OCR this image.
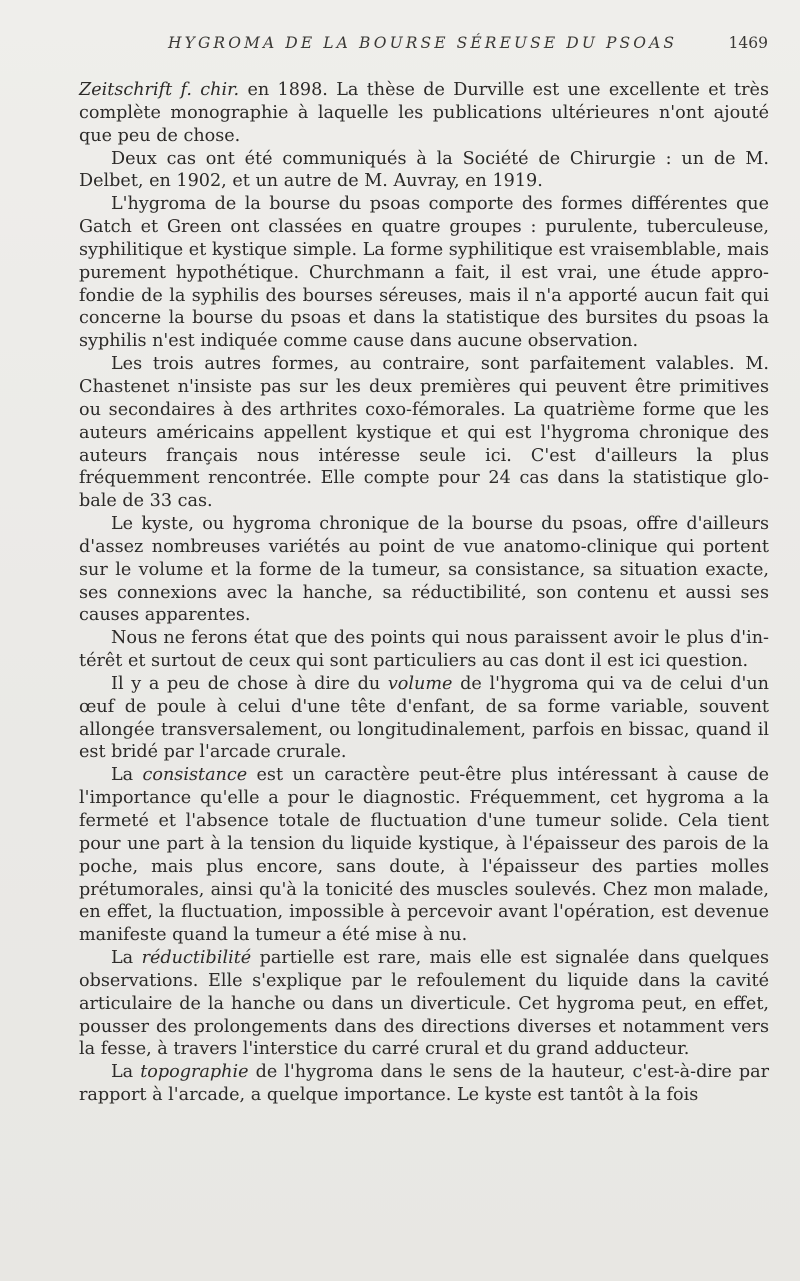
HYGROMA DE LA BOURSE SÉREUSE DU PSOAS	1469

Zeitschrift f. chir. en 1898. La thèse de Durville est une excellente et très complète monographie à laquelle les publications ultérieures n'ont ajouté que peu de chose.

Deux cas ont été communiqués à la Société de Chirurgie : un de M. Delbet, en 1902, et un autre de M. Auvray, en 1919.

L'hygroma de la bourse du psoas comporte des formes différentes que Gatch et Green ont classées en quatre groupes : purulente, tuberculeuse, syphilitique et kystique simple. La forme syphilitique est vraisemblable, mais purement hypothétique. Churchmann a fait, il est vrai, une étude approfondie de la syphilis des bourses séreuses, mais il n'a apporté aucun fait qui concerne la bourse du psoas et dans la statistique des bursites du psoas la syphilis n'est indiquée comme cause dans aucune observation.

Les trois autres formes, au contraire, sont parfaitement valables. M. Chastenet n'insiste pas sur les deux premières qui peuvent être primitives ou secondaires à des arthrites coxo-fémorales. La quatrième forme que les auteurs américains appellent kystique et qui est l'hygroma chronique des auteurs français nous intéresse seule ici. C'est d'ailleurs la plus fréquemment rencontrée. Elle compte pour 24 cas dans la statistique globale de 33 cas.

Le kyste, ou hygroma chronique de la bourse du psoas, offre d'ailleurs d'assez nombreuses variétés au point de vue anatomo-clinique qui portent sur le volume et la forme de la tumeur, sa consistance, sa situation exacte, ses connexions avec la hanche, sa réductibilité, son contenu et aussi ses causes apparentes.

Nous ne ferons état que des points qui nous paraissent avoir le plus d'intérêt et surtout de ceux qui sont particuliers au cas dont il est ici question.

Il y a peu de chose à dire du volume de l'hygroma qui va de celui d'un œuf de poule à celui d'une tête d'enfant, de sa forme variable, souvent allongée transversalement, ou longitudinalement, parfois en bissac, quand il est bridé par l'arcade crurale.

La consistance est un caractère peut-être plus intéressant à cause de l'importance qu'elle a pour le diagnostic. Fréquemment, cet hygroma a la fermeté et l'absence totale de fluctuation d'une tumeur solide. Cela tient pour une part à la tension du liquide kystique, à l'épaisseur des parois de la poche, mais plus encore, sans doute, à l'épaisseur des parties molles prétumorales, ainsi qu'à la tonicité des muscles soulevés. Chez mon malade, en effet, la fluctuation, impossible à percevoir avant l'opération, est devenue manifeste quand la tumeur a été mise à nu.

La réductibilité partielle est rare, mais elle est signalée dans quelques observations. Elle s'explique par le refoulement du liquide dans la cavité articulaire de la hanche ou dans un diverticule. Cet hygroma peut, en effet, pousser des prolongements dans des directions diverses et notamment vers la fesse, à travers l'interstice du carré crural et du grand adducteur.

La topographie de l'hygroma dans le sens de la hauteur, c'est-à-dire par rapport à l'arcade, a quelque importance. Le kyste est tantôt à la fois
